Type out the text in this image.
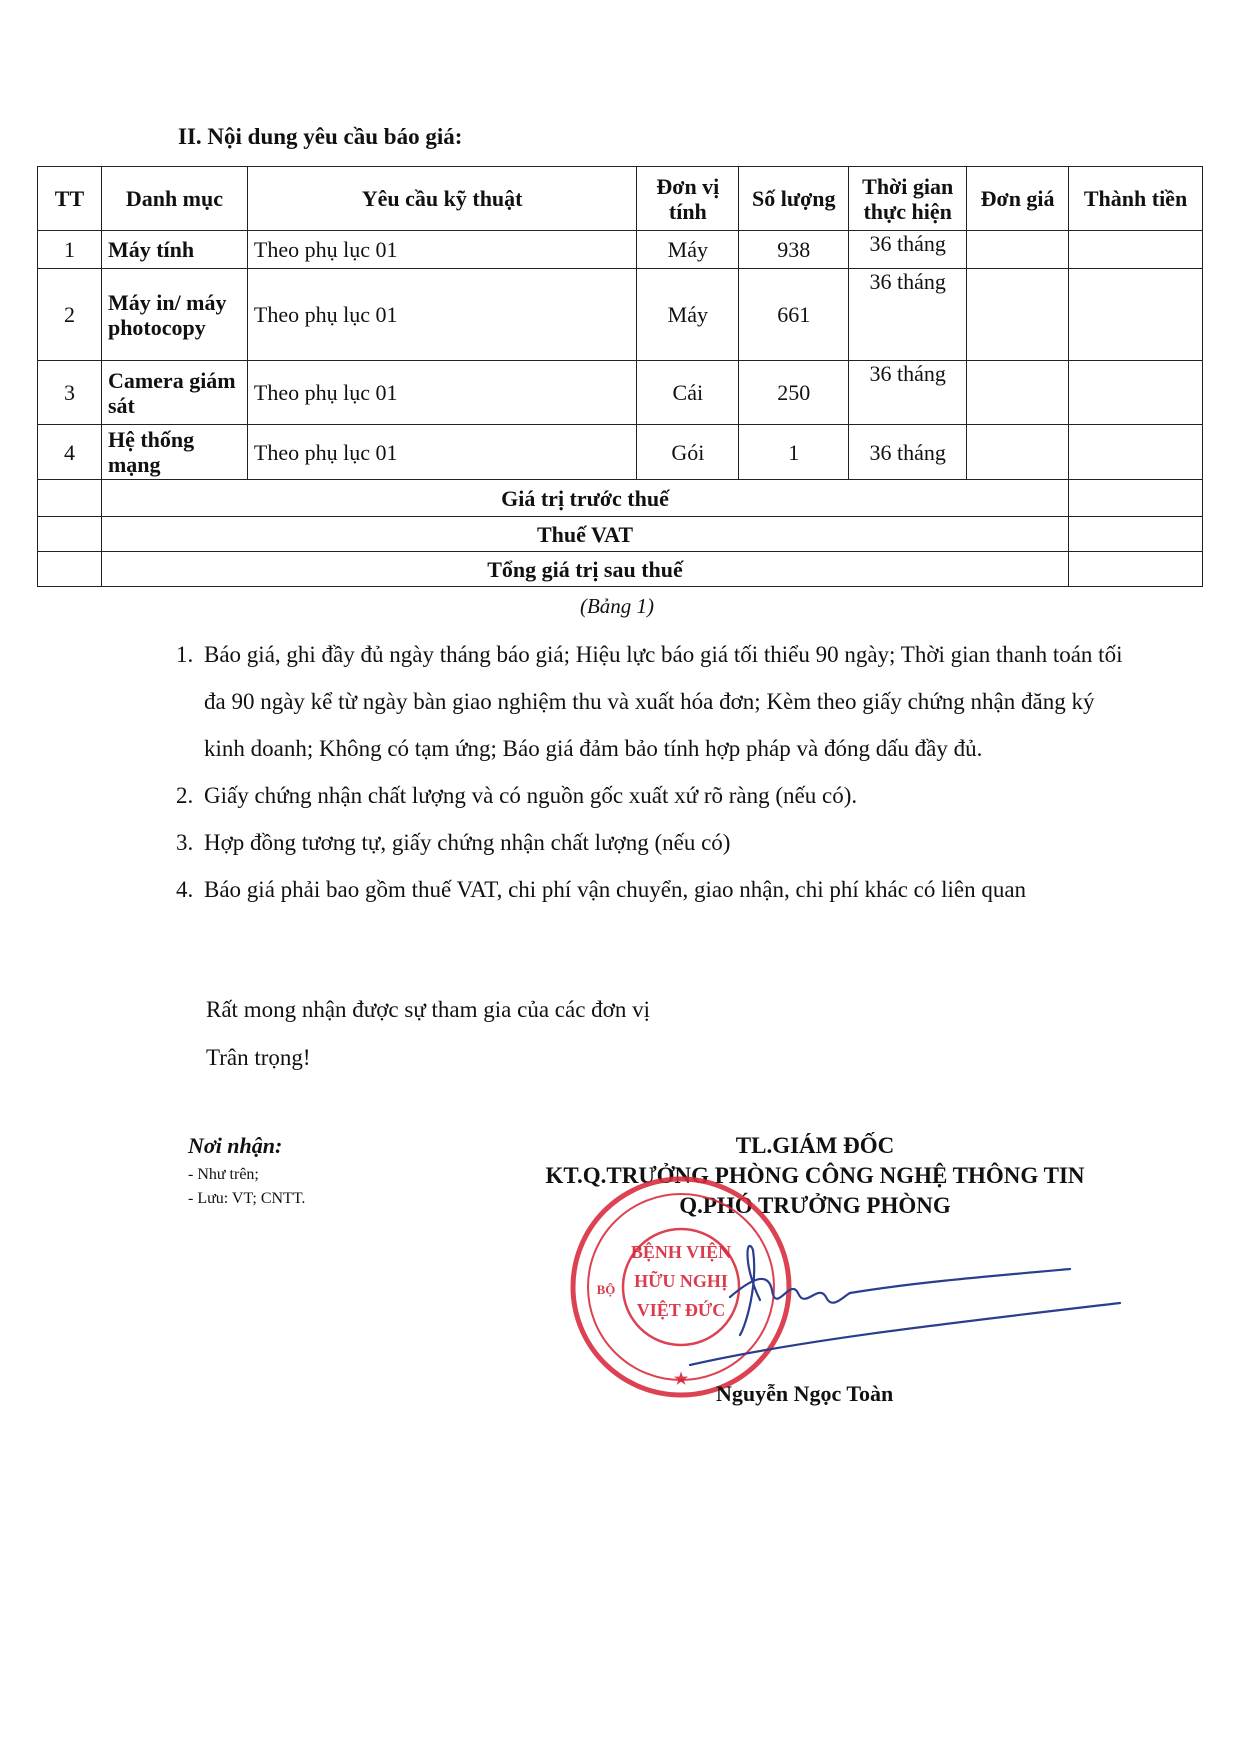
II. Nội dung yêu cầu báo giá:
TT	Danh mục	Yêu cầu kỹ thuật	Đơn vị tính	Số lượng	Thời gian thực hiện	Đơn giá	Thành tiền
1	Máy tính	Theo phụ lục 01	Máy	938	36 tháng		
2	Máy in/ máy photocopy	Theo phụ lục 01	Máy	661	36 tháng		
3	Camera giám sát	Theo phụ lục 01	Cái	250	36 tháng		
4	Hệ thống mạng	Theo phụ lục 01	Gói	1	36 tháng		
	Giá trị trước thuế						
	Thuế VAT						
	Tổng giá trị sau thuế						
(Bảng 1)
1. Báo giá, ghi đầy đủ ngày tháng báo giá; Hiệu lực báo giá tối thiểu 90 ngày; Thời gian thanh toán tối đa 90 ngày kể từ ngày bàn giao nghiệm thu và xuất hóa đơn; Kèm theo giấy chứng nhận đăng ký kinh doanh; Không có tạm ứng; Báo giá đảm bảo tính hợp pháp và đóng dấu đầy đủ.
2. Giấy chứng nhận chất lượng và có nguồn gốc xuất xứ rõ ràng (nếu có).
3. Hợp đồng tương tự, giấy chứng nhận chất lượng (nếu có)
4. Báo giá phải bao gồm thuế VAT, chi phí vận chuyển, giao nhận, chi phí khác có liên quan
Rất mong nhận được sự tham gia của các đơn vị
Trân trọng!
Nơi nhận:
- Như trên;
- Lưu: VT; CNTT.
TL.GIÁM ĐỐC
KT.Q.TRƯỞNG PHÒNG CÔNG NGHỆ THÔNG TIN
Q.PHÓ TRƯỞNG PHÒNG
BỆNH VIỆN
HỮU NGHỊ
VIỆT ĐỨC
BỘ
★
Nguyễn Ngọc Toàn
